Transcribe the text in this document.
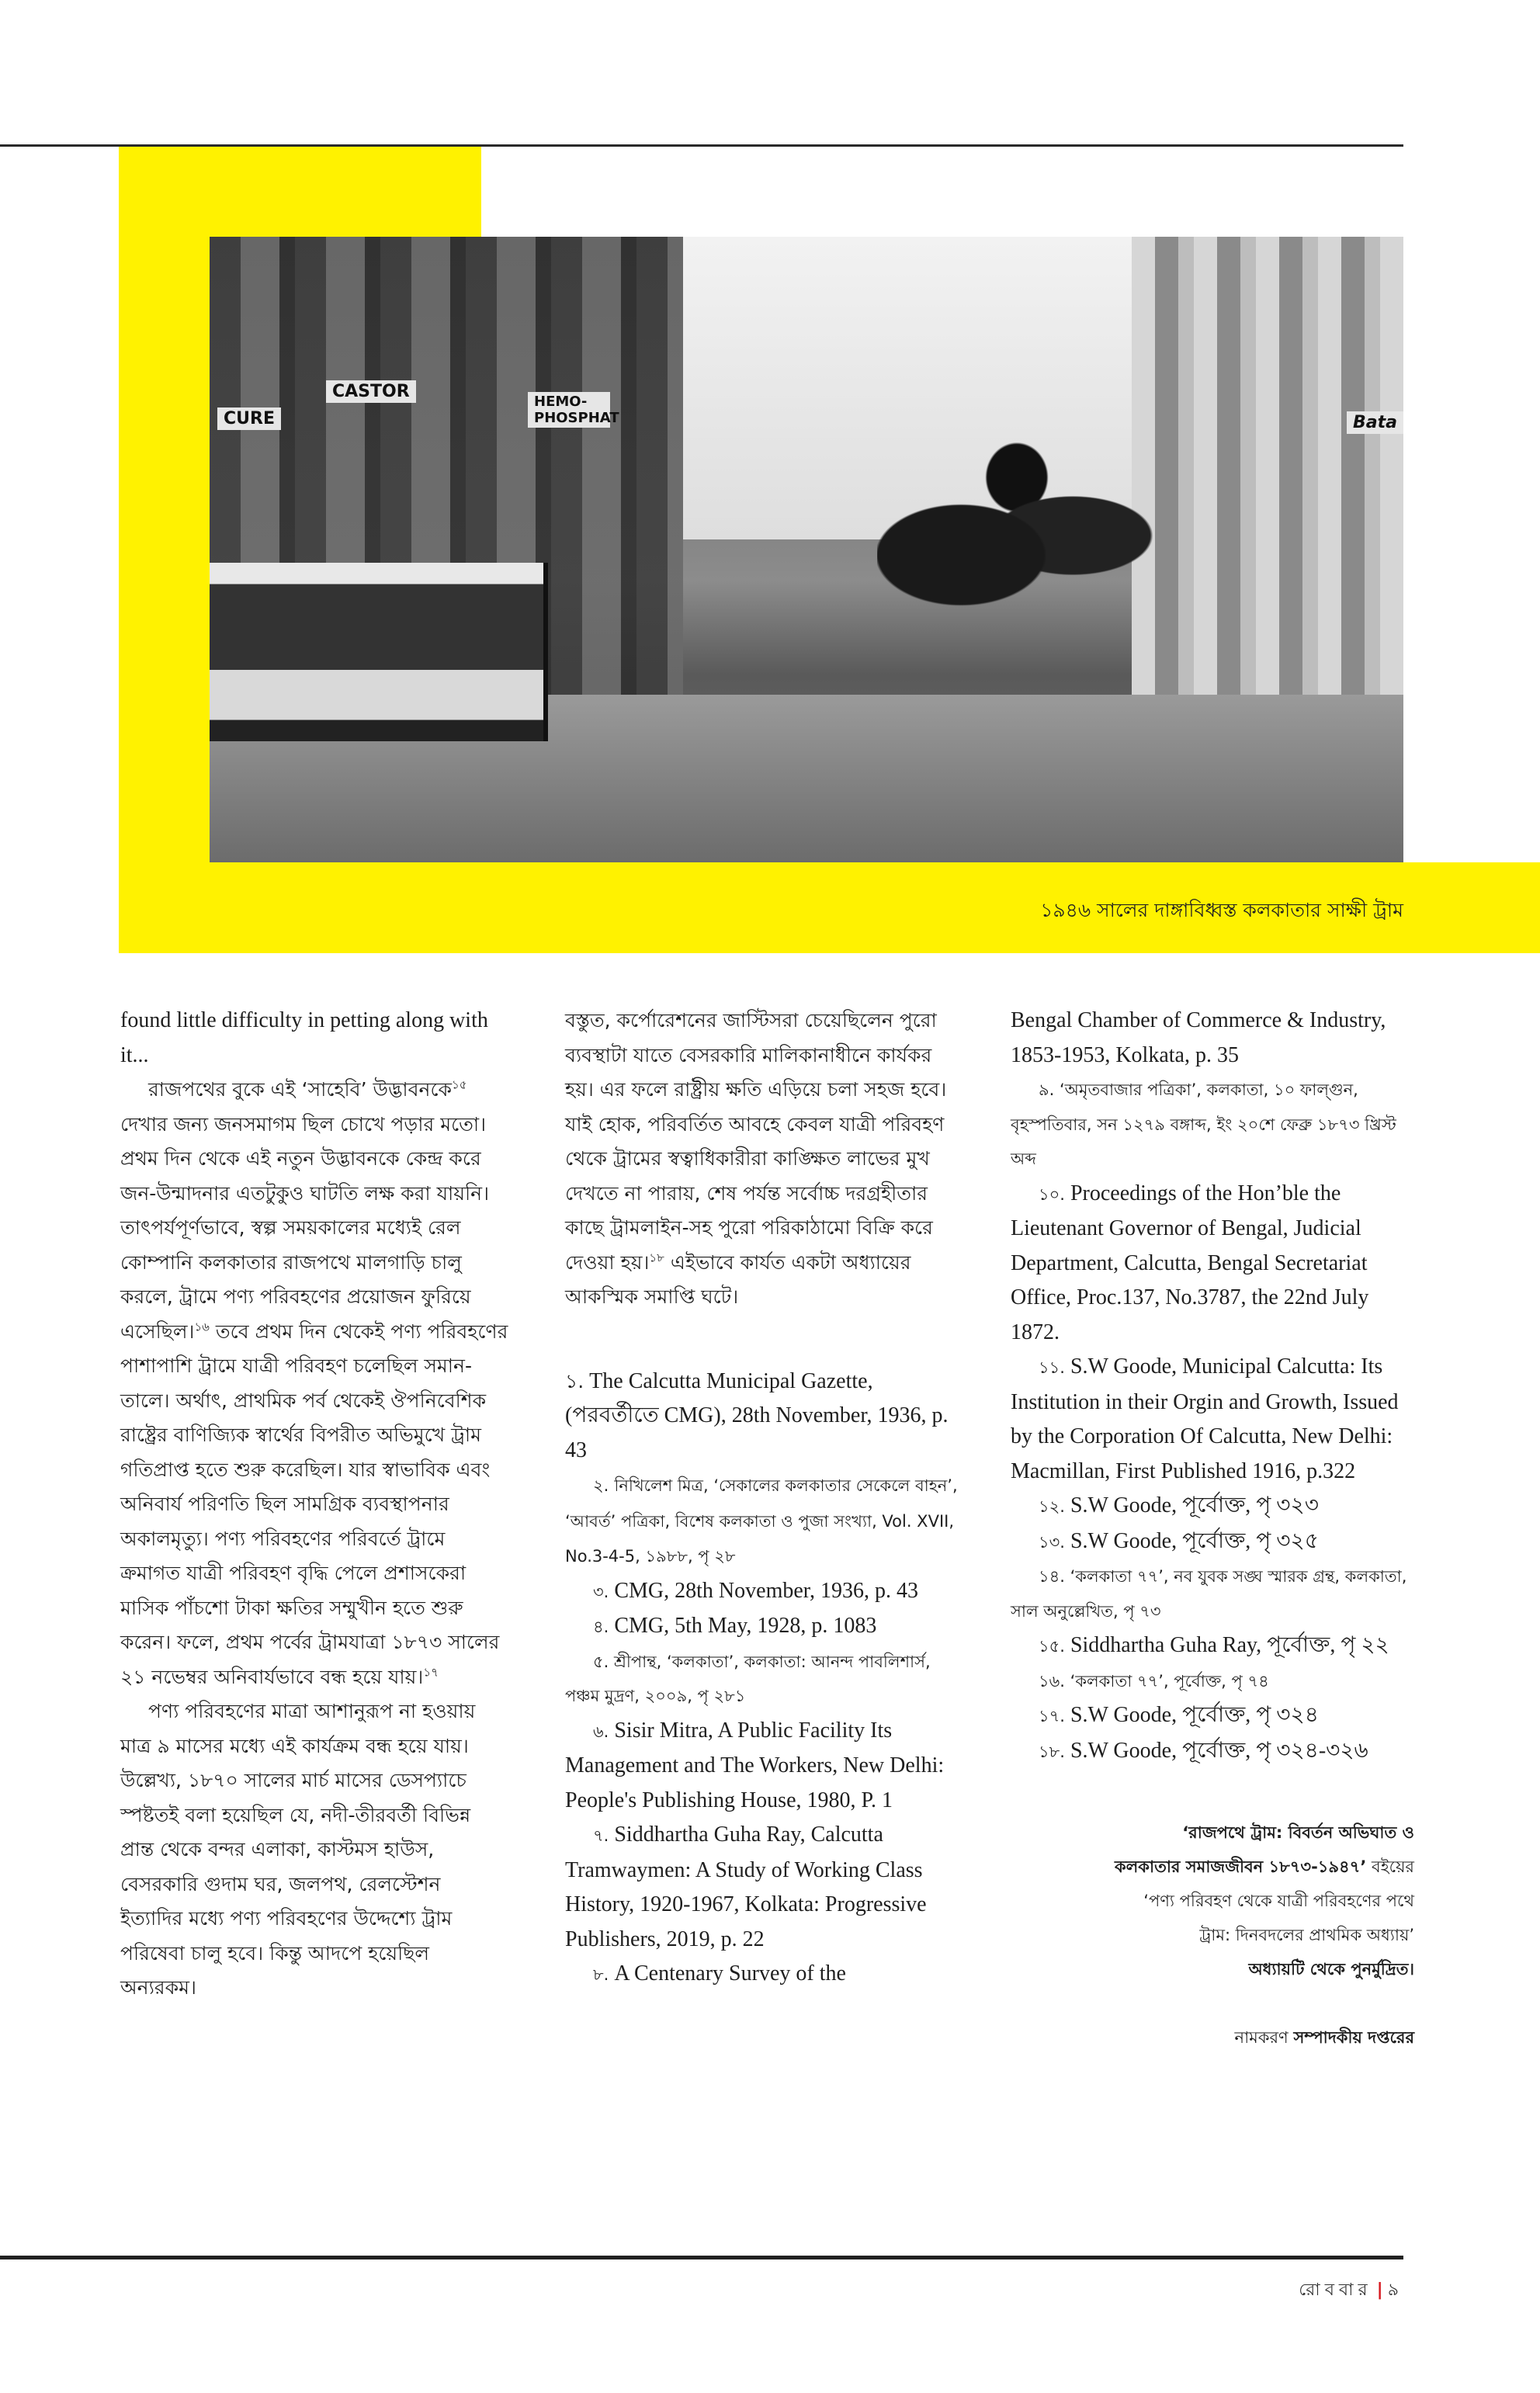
CASTOR
CURE
HEMO-PHOSPHAT	Bata
১৯৪৬ সালের দাঙ্গাবিধ্বস্ত কলকাতার সাক্ষী ট্রাম

found little difficulty in petting along with it...

রাজপথের বুকে এই ‘সাহেবি’ উদ্ভাবনকে$^{১৫}$ দেখার জন্য জনসমাগম ছিল চোখে পড়ার মতো। প্রথম দিন থেকে এই নতুন উদ্ভাবনকে কেন্দ্র করে জন-উন্মাদনার এতটুকুও ঘাটতি লক্ষ করা যায়নি। তাৎপর্যপূর্ণভাবে, স্বল্প সময়কালের মধ্যেই রেল কোম্পানি কলকাতার রাজপথে মালগাড়ি চালু করলে, ট্রামে পণ্য পরিবহণের প্রয়োজন ফুরিয়ে এসেছিল।$^{১৬}$ তবে প্রথম দিন থেকেই পণ্য পরিবহণের পাশাপাশি ট্রামে যাত্রী পরিবহণ চলেছিল সমান-তালে। অর্থাৎ, প্রাথমিক পর্ব থেকেই ঔপনিবেশিক রাষ্ট্রের বাণিজ্যিক স্বার্থের বিপরীত অভিমুখে ট্রাম গতিপ্রাপ্ত হতে শুরু করেছিল। যার স্বাভাবিক এবং অনিবার্য পরিণতি ছিল সামগ্রিক ব্যবস্থাপনার অকালমৃত্যু। পণ্য পরিবহণের পরিবর্তে ট্রামে ক্রমাগত যাত্রী পরিবহণ বৃদ্ধি পেলে প্রশাসকেরা মাসিক পাঁচশো টাকা ক্ষতির সম্মুখীন হতে শুরু করেন। ফলে, প্রথম পর্বের ট্রামযাত্রা ১৮৭৩ সালের ২১ নভেম্বর অনিবার্যভাবে বন্ধ হয়ে যায়।$^{১৭}$

পণ্য পরিবহণের মাত্রা আশানুরূপ না হওয়ায় মাত্র ৯ মাসের মধ্যে এই কার্যক্রম বন্ধ হয়ে যায়। উল্লেখ্য, ১৮৭০ সালের মার্চ মাসের ডেসপ্যাচে স্পষ্টতই বলা হয়েছিল যে, নদী-তীরবর্তী বিভিন্ন প্রান্ত থেকে বন্দর এলাকা, কাস্টমস হাউস, বেসরকারি গুদাম ঘর, জলপথ, রেলস্টেশন ইত্যাদির মধ্যে পণ্য পরিবহণের উদ্দেশ্যে ট্রাম পরিষেবা চালু হবে। কিন্তু আদপে হয়েছিল অন্যরকম।

বস্তুত, কর্পোরেশনের জাস্টিসরা চেয়েছিলেন পুরো ব্যবস্থাটা যাতে বেসরকারি মালিকানাধীনে কার্যকর হয়। এর ফলে রাষ্ট্রীয় ক্ষতি এড়িয়ে চলা সহজ হবে। যাই হোক, পরিবর্তিত আবহে কেবল যাত্রী পরিবহণ থেকে ট্রামের স্বত্বাধিকারীরা কাঙ্ক্ষিত লাভের মুখ দেখতে না পারায়, শেষ পর্যন্ত সর্বোচ্চ দরগ্রহীতার কাছে ট্রামলাইন-সহ পুরো পরিকাঠামো বিক্রি করে দেওয়া হয়।$^{১৮}$ এইভাবে কার্যত একটা অধ্যায়ের আকস্মিক সমাপ্তি ঘটে।

১. The Calcutta Municipal Gazette, (পরবর্তীতে CMG), 28th November, 1936, p. 43

২. নিখিলেশ মিত্র, ‘সেকালের কলকাতার সেকেলে বাহন’, ‘আবর্ত’ পত্রিকা, বিশেষ কলকাতা ও পুজা সংখ্যা, Vol. XVII, No.3-4-5, ১৯৮৮, পৃ ২৮

৩. CMG, 28th November, 1936, p. 43

৪. CMG, 5th May, 1928, p. 1083

৫. শ্রীপান্থ, ‘কলকাতা’, কলকাতা: আনন্দ পাবলিশার্স, পঞ্চম মুদ্রণ, ২০০৯, পৃ ২৮১

৬. Sisir Mitra, A Public Facility Its Management and The Workers, New Delhi: People's Publishing House, 1980, P. 1

৭. Siddhartha Guha Ray, Calcutta Tramwaymen: A Study of Working Class History, 1920-1967, Kolkata: Progressive Publishers, 2019, p. 22

৮. A Centenary Survey of the

Bengal Chamber of Commerce & Industry, 1853-1953, Kolkata, p. 35

৯. ‘অমৃতবাজার পত্রিকা’, কলকাতা, ১০ ফাল্গুন, বৃহস্পতিবার, সন ১২৭৯ বঙ্গাব্দ, ইং ২০শে ফেব্রু ১৮৭৩ খ্রিস্ট অব্দ

১০. Proceedings of the Hon’ble the Lieutenant Governor of Bengal, Judicial Department, Calcutta, Bengal Secretariat Office, Proc.137, No.3787, the 22nd July 1872.

১১. S.W Goode, Municipal Calcutta: Its Institution in their Orgin and Growth, Issued by the Corporation Of Calcutta, New Delhi: Macmillan, First Published 1916, p.322

১২. S.W Goode, পূর্বোক্ত, পৃ ৩২৩

১৩. S.W Goode, পূর্বোক্ত, পৃ ৩২৫

১৪. ‘কলকাতা ৭৭’, নব যুবক সঙ্ঘ স্মারক গ্রন্থ, কলকাতা, সাল অনুল্লেখিত, পৃ ৭৩

১৫. Siddhartha Guha Ray, পূর্বোক্ত, পৃ ২২

১৬. ‘কলকাতা ৭৭’, পূর্বোক্ত, পৃ ৭৪

১৭. S.W Goode, পূর্বোক্ত, পৃ ৩২৪

১৮. S.W Goode, পূর্বোক্ত, পৃ ৩২৪-৩২৬

‘রাজপথে ট্রাম: বিবর্তন অভিঘাত ও
কলকাতার সমাজজীবন ১৮৭৩-১৯৪৭’ বইয়ের
‘পণ্য পরিবহণ থেকে যাত্রী পরিবহণের পথে
ট্রাম: দিনবদলের প্রাথমিক অধ্যায়’
অধ্যায়টি থেকে পুনর্মুদ্রিত।
নামকরণ সম্পাদকীয় দপ্তরের
রোববার | ৯
